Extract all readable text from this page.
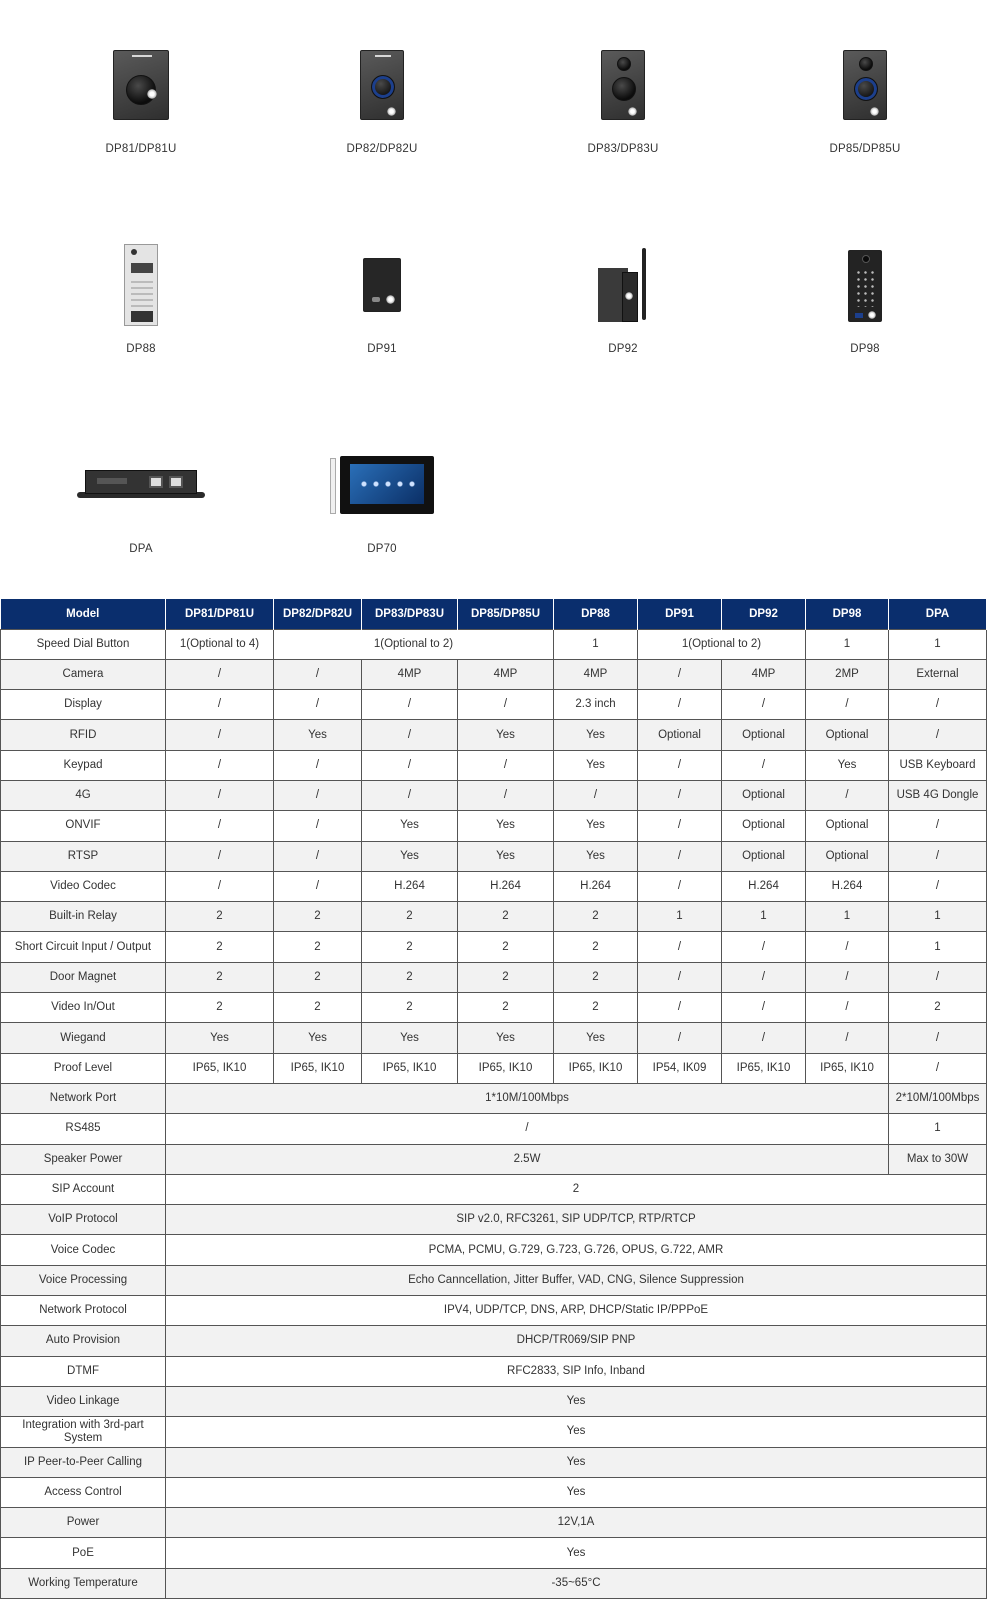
DP81/DP81U	DP82/DP82U	DP83/DP83U	DP85/DP85U
DP88	DP91	DP92	DP98
DPA	DP70
Model	DP81/DP81U	DP82/DP82U	DP83/DP83U	DP85/DP85U	DP88	DP91	DP92	DP98	DPA
Speed Dial Button	1(Optional to 4)	1(Optional to 2)			1	1(Optional to 2)		1	1
Camera	/	/	4MP	4MP	4MP	/	4MP	2MP	External
Display	/	/	/	/	2.3 inch	/	/	/	/
RFID	/	Yes	/	Yes	Yes	Optional	Optional	Optional	/
Keypad	/	/	/	/	Yes	/	/	Yes	USB Keyboard
4G	/	/	/	/	/	/	Optional	/	USB 4G Dongle
ONVIF	/	/	Yes	Yes	Yes	/	Optional	Optional	/
RTSP	/	/	Yes	Yes	Yes	/	Optional	Optional	/
Video Codec	/	/	H.264	H.264	H.264	/	H.264	H.264	/
Built-in Relay	2	2	2	2	2	1	1	1	1
Short Circuit Input / Output	2	2	2	2	2	/	/	/	1
Door Magnet	2	2	2	2	2	/	/	/	/
Video In/Out	2	2	2	2	2	/	/	/	2
Wiegand	Yes	Yes	Yes	Yes	Yes	/	/	/	/
Proof Level	IP65, IK10	IP65, IK10	IP65, IK10	IP65, IK10	IP65, IK10	IP54, IK09	IP65, IK10	IP65, IK10	/
Network Port	1*10M/100Mbps								2*10M/100Mbps
RS485	/								1
Speaker Power	2.5W								Max to 30W
SIP Account	2								
VoIP Protocol	SIP v2.0, RFC3261, SIP UDP/TCP, RTP/RTCP								
Voice Codec	PCMA, PCMU, G.729, G.723, G.726, OPUS, G.722, AMR								
Voice Processing	Echo Canncellation, Jitter Buffer, VAD, CNG, Silence Suppression								
Network Protocol	IPV4, UDP/TCP, DNS, ARP, DHCP/Static IP/PPPoE								
Auto Provision	DHCP/TR069/SIP PNP								
DTMF	RFC2833, SIP Info, Inband								
Video Linkage	Yes								
Integration with 3rd-part System	Yes								
IP Peer-to-Peer Calling	Yes								
Access Control	Yes								
Power	12V,1A								
PoE	Yes								
Working Temperature	-35~65°C								
